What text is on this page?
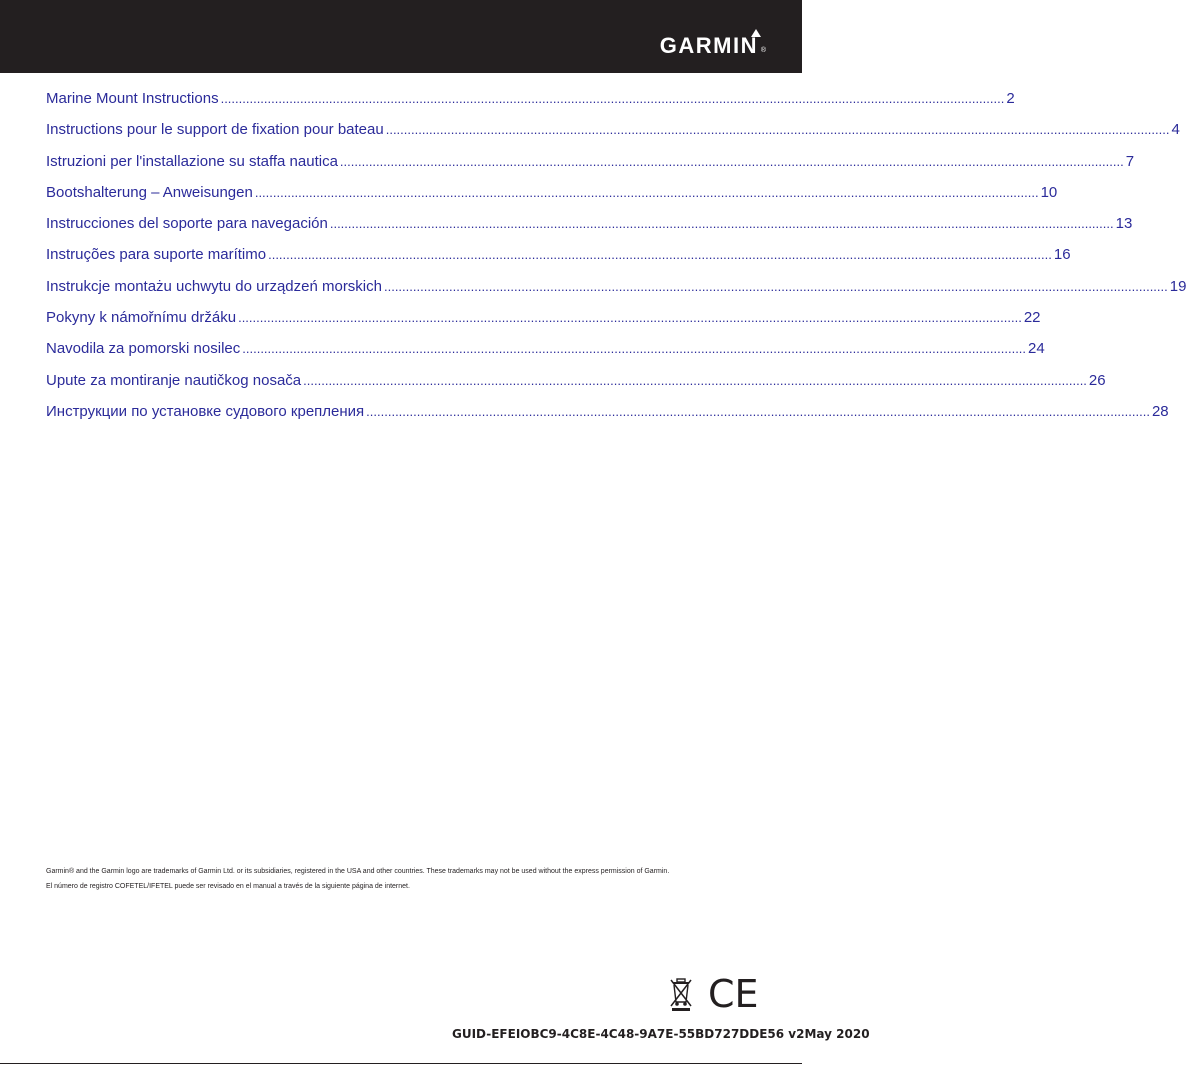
GARMIN ®
Marine Mount Instructions .....	2
Instructions pour le support de fixation pour bateau .....	4
Istruzioni per l'installazione su staffa nautica .....	7
Bootshalterung – Anweisungen .....	10
Instrucciones del soporte para navegación .....	13
Instruções para suporte marítimo .....	16
Instrukcje montażu uchwytu do urządzeń morskich .....	19
Pokyny k námořnímu držáku .....	22
Navodila za pomorski nosilec .....	24
Upute za montiranje nautičkog nosača .....	26
Инструкции по установке судового крепления .....	28
Garmin® and the Garmin logo are trademarks of Garmin Ltd. or its subsidiaries, registered in the USA and other countries. These trademarks may not be used without the express permission of Garmin.
El número de registro COFETEL/IFETEL puede ser revisado en el manual a través de la siguiente página de internet.
CE
GUID-EFEIOBC9-4C8E-4C48-9A7E-55BD727DDE56 v2May 2020
